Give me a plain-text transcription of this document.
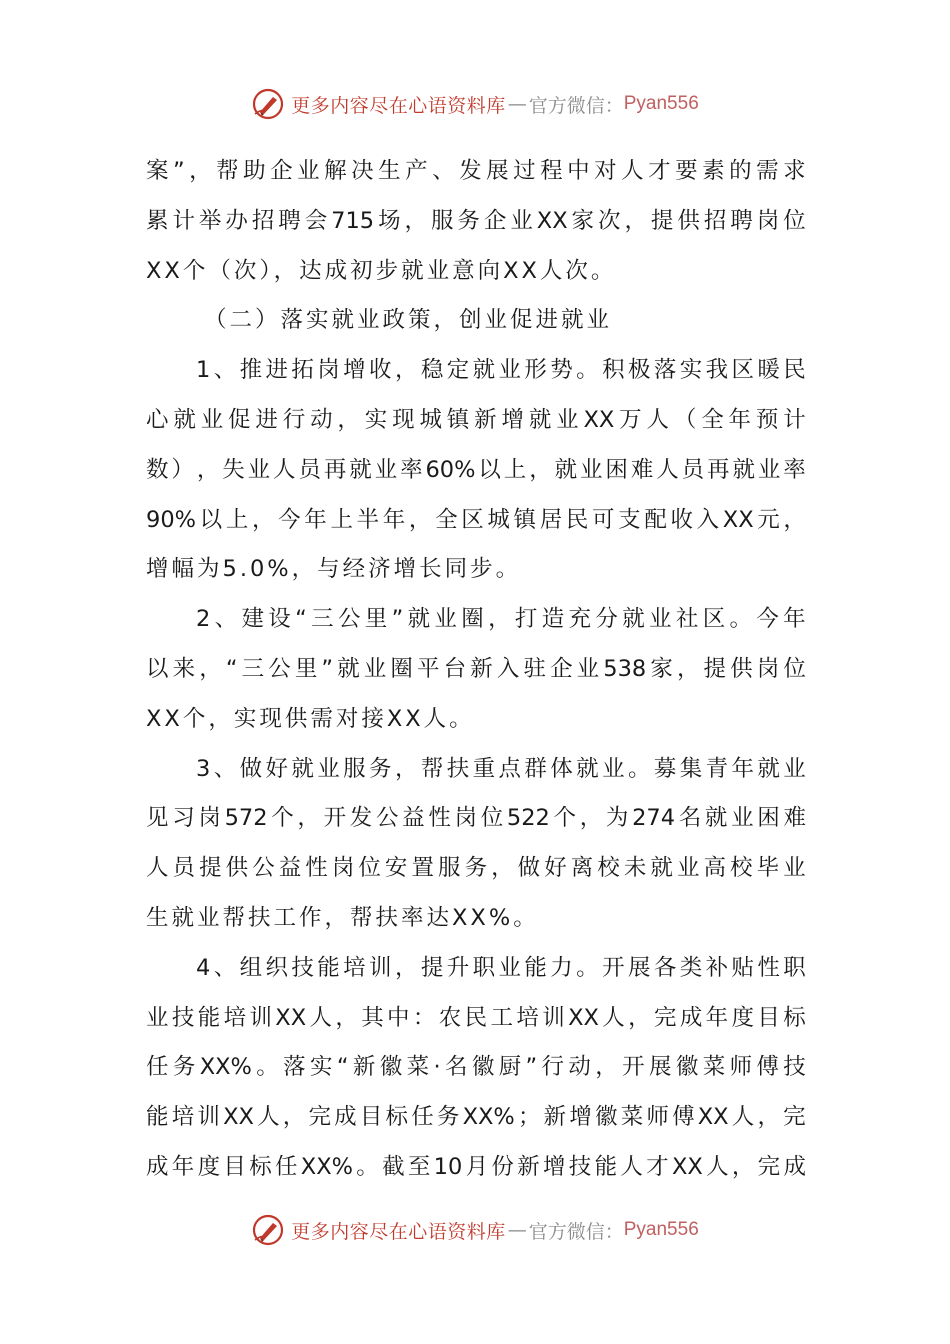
更多内容尽在心语资料库 — 官方微信： Pyan556
案 ” ， 帮 助 企 业 解 决 生 产 、 发 展 过 程 中 对 人 才 要 素 的 需 求
累 计 举 办 招 聘 会 715 场 ， 服 务 企 业 XX 家 次 ， 提 供 招 聘 岗 位
XX个（次），达成初步就业意向XX人次。
（二）落实就业政策，创业促进就业
1 、 推 进 拓 岗 增 收 ， 稳 定 就 业 形 势 。 积 极 落 实 我 区 暖 民
心 就 业 促 进 行 动 ， 实 现 城 镇 新 增 就 业 XX 万 人 （ 全 年 预 计
数 ） ， 失 业 人 员 再 就 业 率 60% 以 上 ， 就 业 困 难 人 员 再 就 业 率
90% 以 上 ， 今 年 上 半 年 ， 全 区 城 镇 居 民 可 支 配 收 入 XX 元 ，
增幅为5.0%，与经济增长同步。
2 、 建 设 “ 三 公 里 ” 就 业 圈 ， 打 造 充 分 就 业 社 区 。 今 年
以 来 ， “ 三 公 里 ” 就 业 圈 平 台 新 入 驻 企 业 538 家 ， 提 供 岗 位
XX个，实现供需对接XX人。
3 、 做 好 就 业 服 务 ， 帮 扶 重 点 群 体 就 业 。 募 集 青 年 就 业
见 习 岗 572 个 ， 开 发 公 益 性 岗 位 522 个 ， 为 274 名 就 业 困 难
人 员 提 供 公 益 性 岗 位 安 置 服 务 ， 做 好 离 校 未 就 业 高 校 毕 业
生就业帮扶工作，帮扶率达XX%。
4 、 组 织 技 能 培 训 ， 提 升 职 业 能 力 。 开 展 各 类 补 贴 性 职
业 技 能 培 训 XX 人 ， 其 中 ： 农 民 工 培 训 XX 人 ， 完 成 年 度 目 标
任 务 XX% 。 落 实 “ 新 徽 菜 · 名 徽 厨 ” 行 动 ， 开 展 徽 菜 师 傅 技
能 培 训 XX 人 ， 完 成 目 标 任 务 XX% ； 新 增 徽 菜 师 傅 XX 人 ， 完
成 年 度 目 标 任 XX% 。 截 至 10 月 份 新 增 技 能 人 才 XX 人 ， 完 成
更多内容尽在心语资料库 — 官方微信： Pyan556
